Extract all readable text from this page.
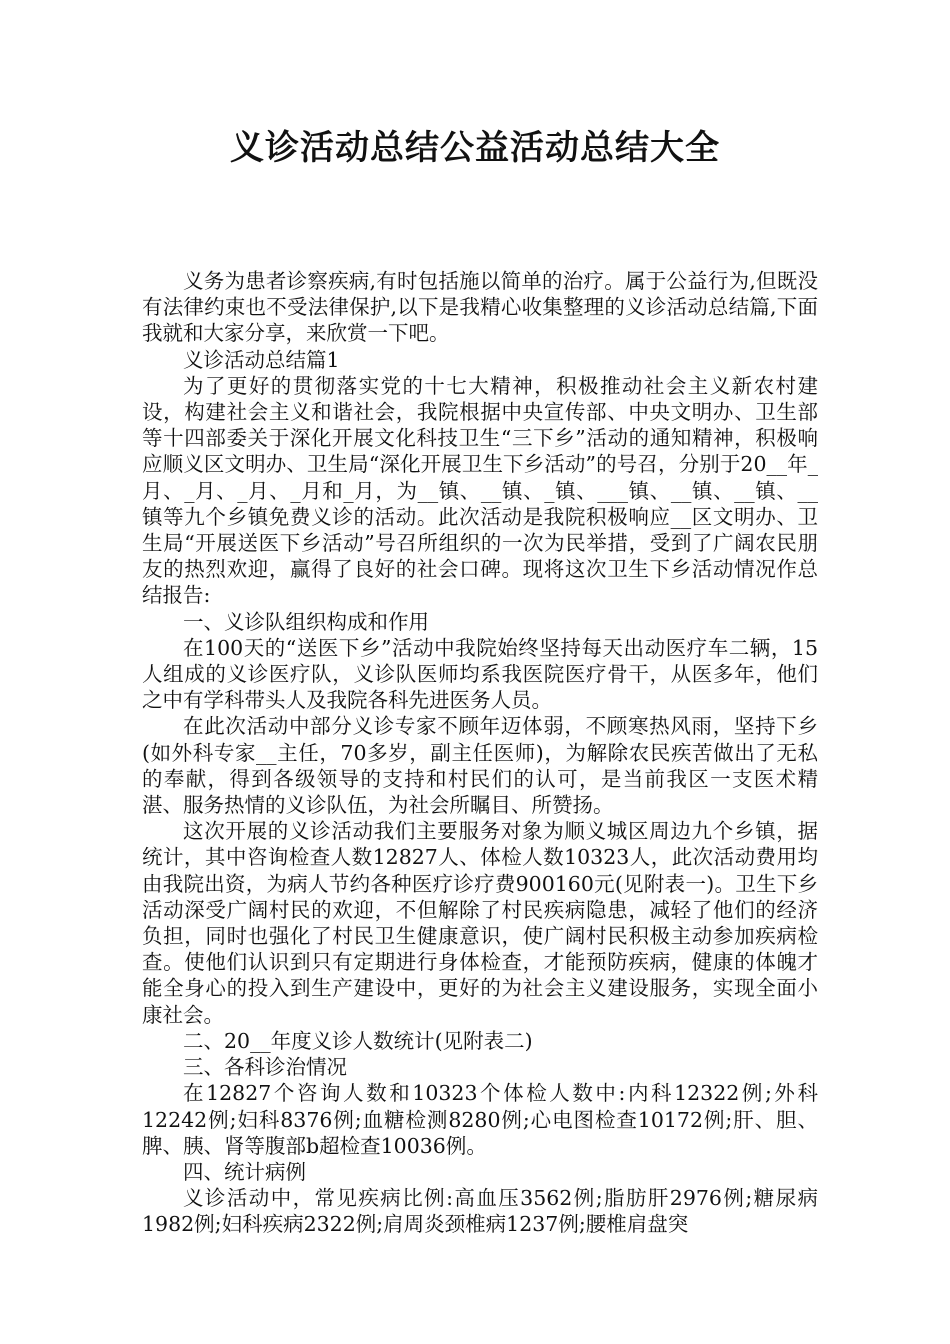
义诊活动总结公益活动总结大全

义务为患者诊察疾病,有时包括施以简单的治疗。属于公益行为,但既没有法律约束也不受法律保护,以下是我精心收集整理的义诊活动总结篇,下面我就和大家分享，来欣赏一下吧。

义诊活动总结篇1

为了更好的贯彻落实党的十七大精神，积极推动社会主义新农村建设，构建社会主义和谐社会，我院根据中央宣传部、中央文明办、卫生部等十四部委关于深化开展文化科技卫生“三下乡”活动的通知精神，积极响应顺义区文明办、卫生局“深化开展卫生下乡活动”的号召，分别于20__年_月、_月、_月、_月和_月，为__镇、__镇、_镇、___镇、__镇、__镇、__镇等九个乡镇免费义诊的活动。此次活动是我院积极响应__区文明办、卫生局“开展送医下乡活动”号召所组织的一次为民举措，受到了广阔农民朋友的热烈欢迎，赢得了良好的社会口碑。现将这次卫生下乡活动情况作总结报告:

一、义诊队组织构成和作用

在100天的“送医下乡”活动中我院始终坚持每天出动医疗车二辆，15人组成的义诊医疗队，义诊队医师均系我医院医疗骨干，从医多年，他们之中有学科带头人及我院各科先进医务人员。

在此次活动中部分义诊专家不顾年迈体弱，不顾寒热风雨，坚持下乡(如外科专家__主任，70多岁，副主任医师)，为解除农民疾苦做出了无私的奉献，得到各级领导的支持和村民们的认可，是当前我区一支医术精湛、服务热情的义诊队伍，为社会所瞩目、所赞扬。

这次开展的义诊活动我们主要服务对象为顺义城区周边九个乡镇，据统计，其中咨询检查人数12827人、体检人数10323人，此次活动费用均由我院出资，为病人节约各种医疗诊疗费900160元(见附表一)。卫生下乡活动深受广阔村民的欢迎，不但解除了村民疾病隐患，减轻了他们的经济负担，同时也强化了村民卫生健康意识，使广阔村民积极主动参加疾病检查。使他们认识到只有定期进行身体检查，才能预防疾病，健康的体魄才能全身心的投入到生产建设中，更好的为社会主义建设服务，实现全面小康社会。

二、20__年度义诊人数统计(见附表二)

三、各科诊治情况

在12827个咨询人数和10323个体检人数中:内科12322例;外科12242例;妇科8376例;血糖检测8280例;心电图检查10172例;肝、胆、脾、胰、肾等腹部b超检查10036例。

四、统计病例

义诊活动中，常见疾病比例:高血压3562例;脂肪肝2976例;糖尿病1982例;妇科疾病2322例;肩周炎颈椎病1237例;腰椎肩盘突
